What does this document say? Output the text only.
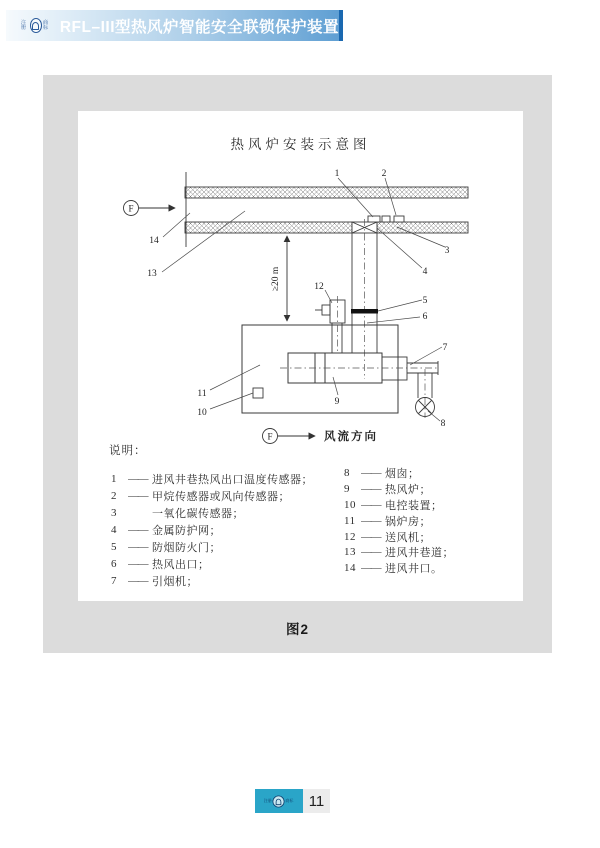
注册
商标 RFL–III型热风炉智能安全联锁保护装置
热风炉安装示意图
F
≥20 m
1	2
3
4
5
6
7
8
9
10
11
12
13
14
F	风流方向
说明：
1	—— 进风井巷热风出口温度传感器；
2	—— 甲烷传感器或风向传感器；
3	一氧化碳传感器；
4	—— 金属防护网；
5	—— 防烟防火门；
6	—— 热风出口；
7	—— 引烟机；
8	—— 烟囱；
9	—— 热风炉；
10 —— 电控装置；
11 —— 锅炉房；
12 —— 送风机；
13 —— 进风井巷道；
14 —— 进风井口。
图2
注册	商标 11
